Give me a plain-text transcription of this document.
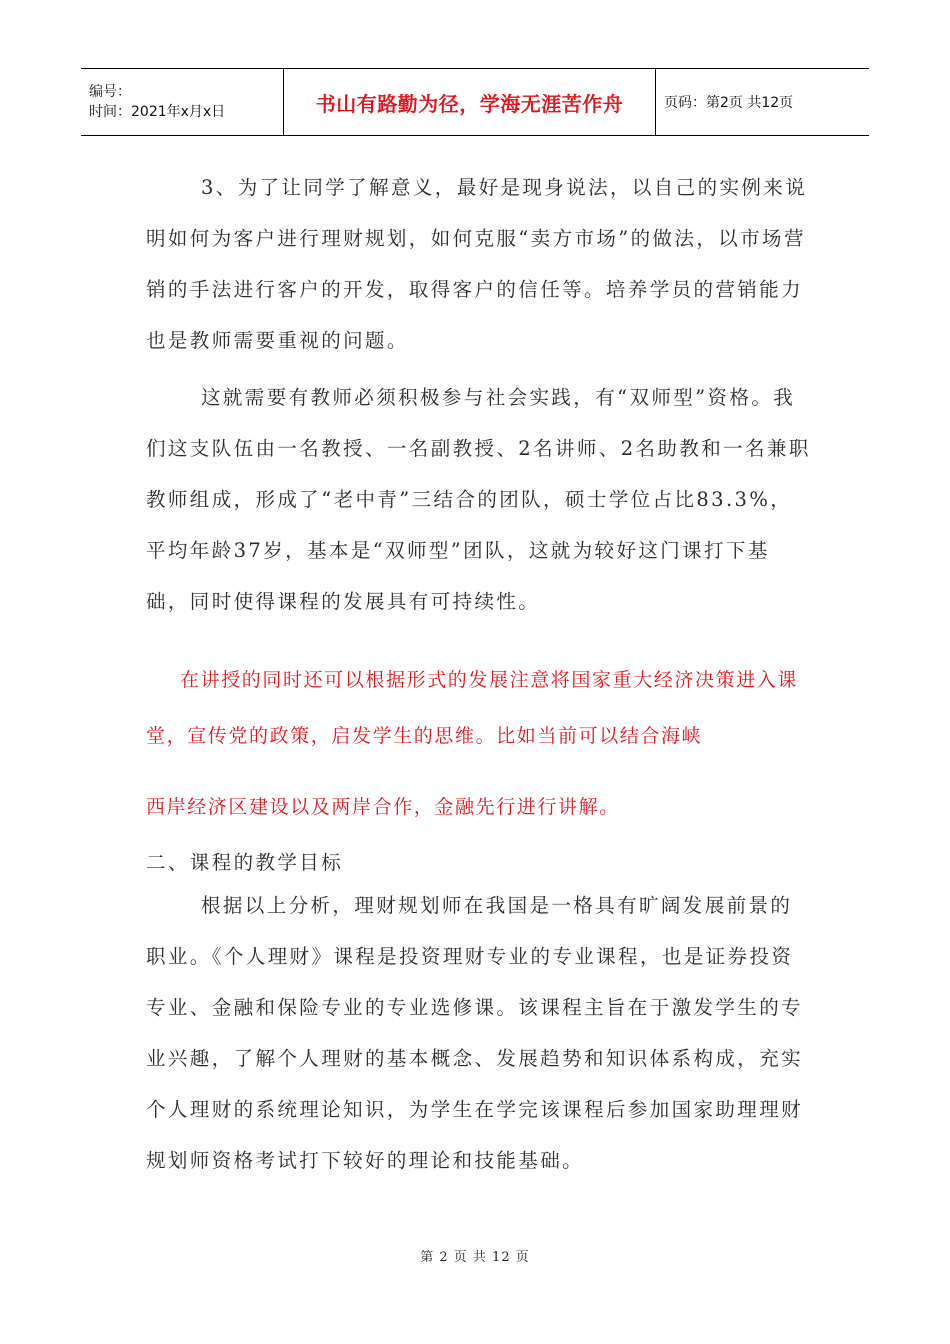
编号：
时间：2021年x月x日	书山有路勤为径，学海无涯苦作舟	页码：第2页 共12页

3、为了让同学了解意义，最好是现身说法，以自己的实例来说明如何为客户进行理财规划，如何克服“卖方市场”的做法，以市场营销的手法进行客户的开发，取得客户的信任等。培养学员的营销能力也是教师需要重视的问题。

这就需要有教师必须积极参与社会实践，有“双师型”资格。我们这支队伍由一名教授、一名副教授、2名讲师、2名助教和一名兼职教师组成，形成了“老中青”三结合的团队，硕士学位占比83.3%，平均年龄37岁，基本是“双师型”团队，这就为较好这门课打下基础，同时使得课程的发展具有可持续性。

在讲授的同时还可以根据形式的发展注意将国家重大经济决策进入课堂，宣传党的政策，启发学生的思维。比如当前可以结合海峡

西岸经济区建设以及两岸合作，金融先行进行讲解。

二、课程的教学目标

根据以上分析，理财规划师在我国是一格具有旷阔发展前景的职业。《个人理财》课程是投资理财专业的专业课程，也是证券投资专业、金融和保险专业的专业选修课。该课程主旨在于激发学生的专业兴趣，了解个人理财的基本概念、发展趋势和知识体系构成，充实个人理财的系统理论知识，为学生在学完该课程后参加国家助理理财规划师资格考试打下较好的理论和技能基础。

第 2 页 共 12 页
